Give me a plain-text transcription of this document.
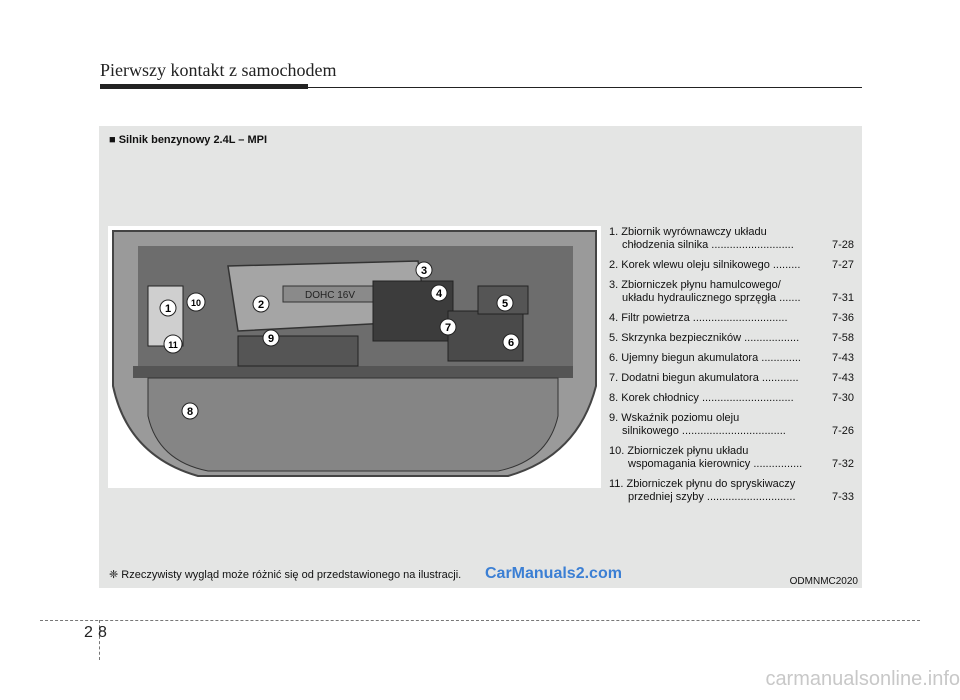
Pierwszy kontakt z samochodem
■ Silnik benzynowy 2.4L – MPI
DOHC 16V
1	2
3
4
5
6
7
8
9
10
11
1. Zbiornik wyrównawczy układu
chłodzenia silnika ...........................	7-28
2. Korek wlewu oleju silnikowego .........	7-27
3. Zbiorniczek płynu hamulcowego/
układu hydraulicznego sprzęgła .......	7-31
4. Filtr powietrza ...............................	7-36
5. Skrzynka bezpieczników ..................	7-58
6. Ujemny biegun akumulatora .............	7-43
7. Dodatni biegun akumulatora ............	7-43
8. Korek chłodnicy ..............................	7-30
9. Wskaźnik poziomu oleju
silnikowego ..................................	7-26
10. Zbiorniczek płynu układu
wspomagania kierownicy ................	7-32
11. Zbiorniczek płynu do spryskiwaczy
przedniej szyby .............................	7-33
❈ Rzeczywisty wygląd może różnić się od przedstawionego na ilustracji.
ODMNMC2020
CarManuals2.com
2 8
carmanualsonline.info
